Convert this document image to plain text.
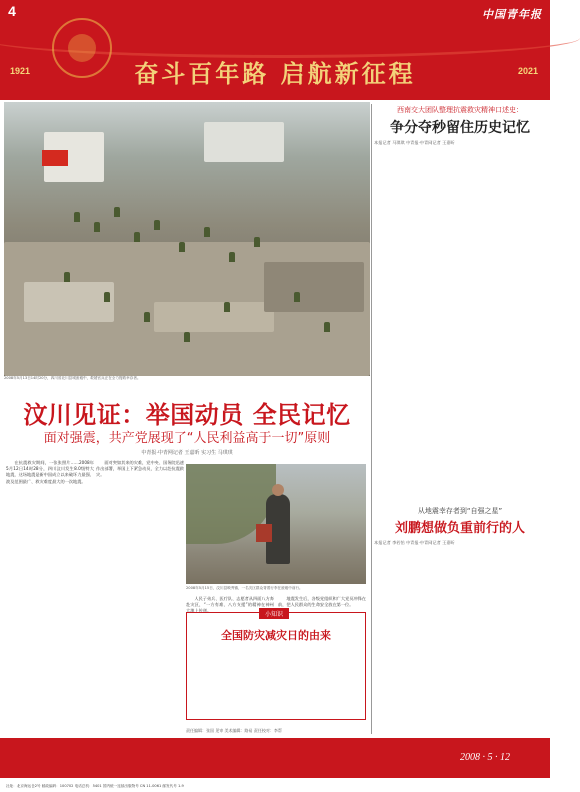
4	中国青年报
1921	2021
奋斗百年路 启航新征程
2008年5月13日14时20分，四川省北川县城废墟中，救援官兵正在全力搜救幸存者。
汶川见证：举国动员 全民记忆
面对强震，共产党展现了“人民利益高于一切”原则
中青报·中青网记者 王嘉昕 实习生 马琪琪

在抗震救灾期间，一张张照片……2008年5月12日14时28分，四川汶川发生8.0级特大地震，这场地震是新中国成立以来破坏力最强、波及范围最广、救灾难度最大的一次地震。

面对突如其来的灾难，党中央、国务院迅速作出部署，举国上下紧急动员，全力以赴抗震救灾。

2008年5月15日，汶川县映秀镇，一名灾区群众背着行李在废墟中前行。

人民子弟兵、医疗队、志愿者从四面八方奔赴灾区，“一方有难、八方支援”的精神在神州大地上传递。

地震发生后，各级党组织和广大党员冲锋在前，把人民群众的生命安全放在第一位。

小知识
全国防灾减灾日的由来
责任编辑：张国 见审 美术编辑：路易 责任校对：李帮
西南交大团队整理抗震救灾精神口述史：
争分夺秒留住历史记忆
本报记者 马琪琪 中青报·中青网记者 王嘉昕
从地震幸存者到“自强之星”
刘鹏想做负重前行的人
本报记者 李若怡 中青报·中青网记者 王嘉昕
2008 · 5 · 12
社址：北京海运仓2号 邮政编码：100702 电话总机：5401 国内统一连续出版物号 CN 11-0061 邮发代号 1-9
